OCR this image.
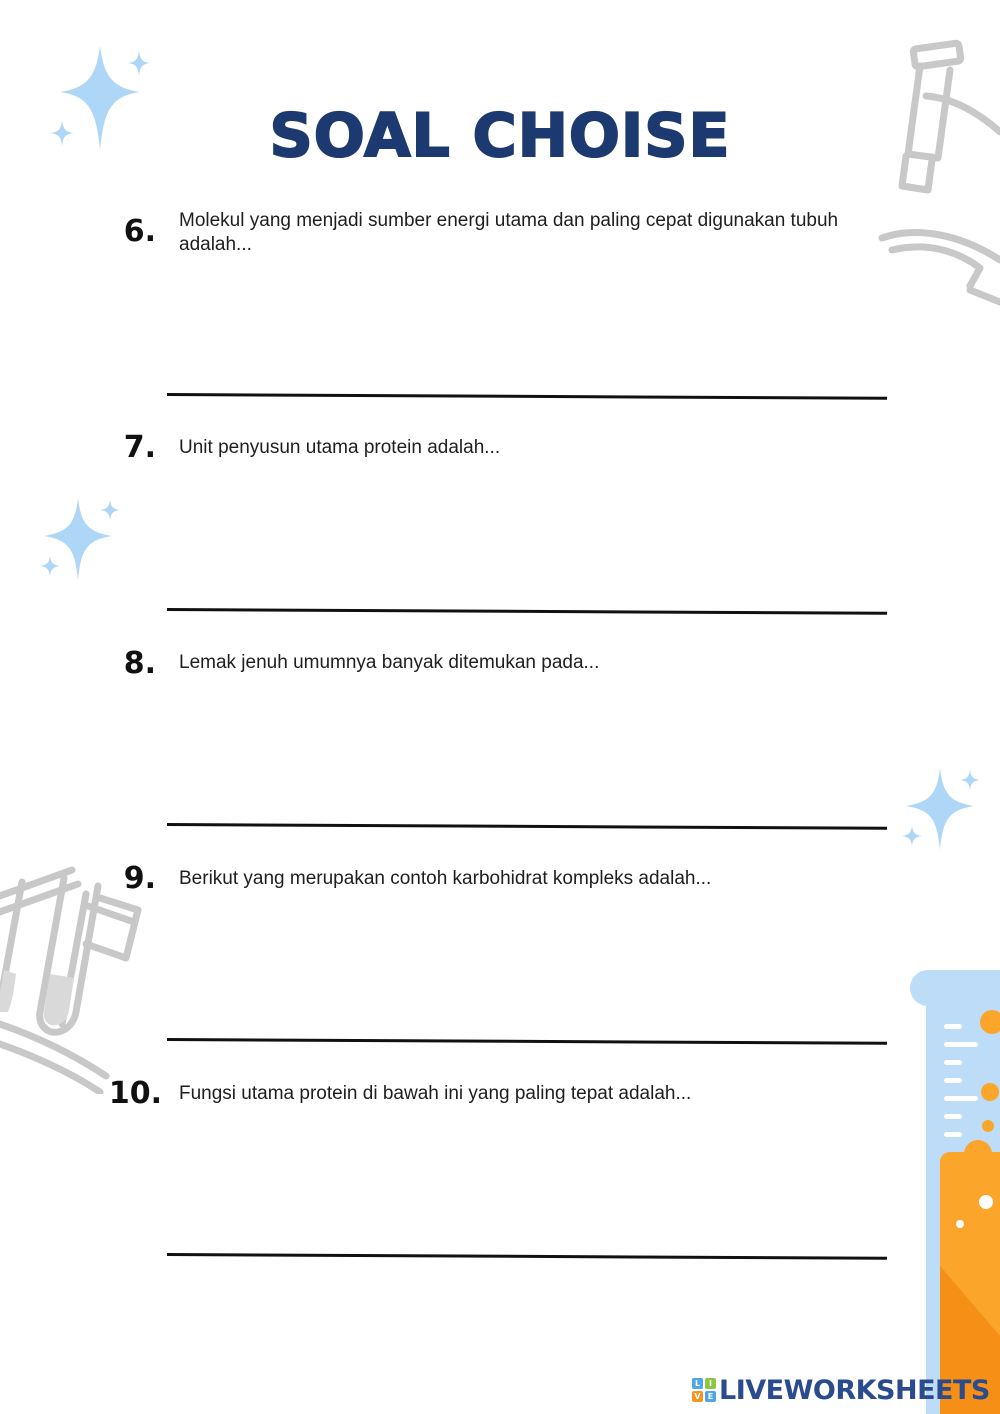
SOAL CHOISE
6. Molekul yang menjadi sumber energi utama dan paling cepat digunakan tubuh adalah...
7. Unit penyusun utama protein adalah...
8. Lemak jenuh umumnya banyak ditemukan pada...
9. Berikut yang merupakan contoh karbohidrat kompleks adalah...
10. Fungsi utama protein di bawah ini yang paling tepat adalah...
L	I
V E LIVEWORKSHEETS
